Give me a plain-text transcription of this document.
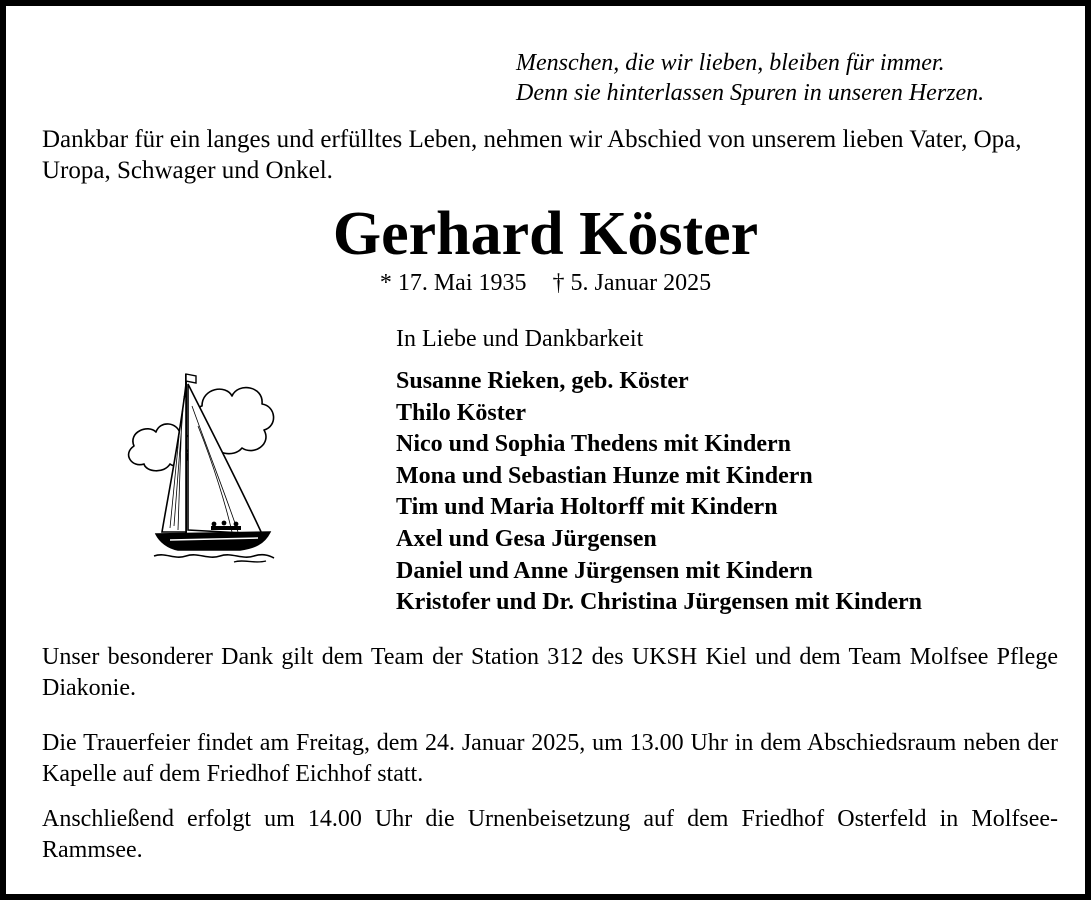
Menschen, die wir lieben, bleiben für immer.
Denn sie hinterlassen Spuren in unseren Herzen.
Dankbar für ein langes und erfülltes Leben, nehmen wir Abschied von unserem lieben Vater, Opa, Uropa, Schwager und Onkel.
Gerhard Köster
* 17. Mai 1935 † 5. Januar 2025
In Liebe und Dankbarkeit
Susanne Rieken, geb. Köster
Thilo Köster
Nico und Sophia Thedens mit Kindern
Mona und Sebastian Hunze mit Kindern
Tim und Maria Holtorff mit Kindern
Axel und Gesa Jürgensen
Daniel und Anne Jürgensen mit Kindern
Kristofer und Dr. Christina Jürgensen mit Kindern
Unser besonderer Dank gilt dem Team der Station 312 des UKSH Kiel und dem Team Molfsee Pflege Diakonie.
Die Trauerfeier findet am Freitag, dem 24. Januar 2025, um 13.00 Uhr in dem Abschiedsraum neben der Kapelle auf dem Friedhof Eichhof statt.
Anschließend erfolgt um 14.00 Uhr die Urnenbeisetzung auf dem Friedhof Osterfeld in Molfsee-Rammsee.
